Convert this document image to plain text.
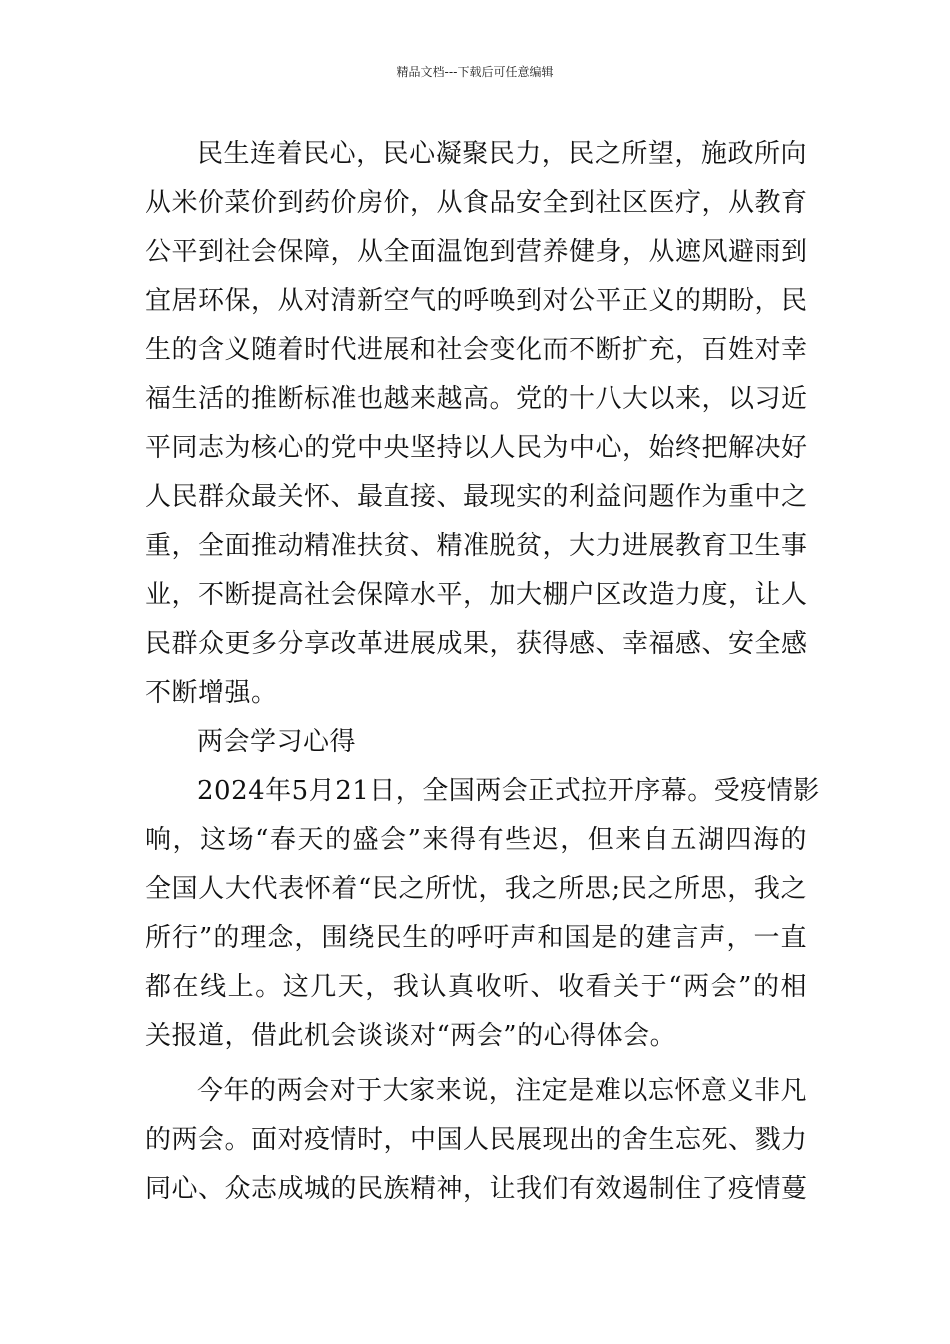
精品文档---下载后可任意编辑
民生连着民心，民心凝聚民力，民之所望，施政所向
从米价菜价到药价房价，从食品安全到社区医疗，从教育
公平到社会保障，从全面温饱到营养健身，从遮风避雨到
宜居环保，从对清新空气的呼唤到对公平正义的期盼，民
生的含义随着时代进展和社会变化而不断扩充，百姓对幸
福生活的推断标准也越来越高。党的十八大以来，以习近
平同志为核心的党中央坚持以人民为中心，始终把解决好
人民群众最关怀、最直接、最现实的利益问题作为重中之
重，全面推动精准扶贫、精准脱贫，大力进展教育卫生事
业，不断提高社会保障水平，加大棚户区改造力度，让人
民群众更多分享改革进展成果，获得感、幸福感、安全感
不断增强。
两会学习心得
2024年5月21日，全国两会正式拉开序幕。受疫情影
响，这场“春天的盛会”来得有些迟，但来自五湖四海的
全国人大代表怀着“民之所忧，我之所思;民之所思，我之
所行”的理念，围绕民生的呼吁声和国是的建言声，一直
都在线上。这几天，我认真收听、收看关于“两会”的相
关报道，借此机会谈谈对“两会”的心得体会。
今年的两会对于大家来说，注定是难以忘怀意义非凡
的两会。面对疫情时，中国人民展现出的舍生忘死、戮力
同心、众志成城的民族精神，让我们有效遏制住了疫情蔓
